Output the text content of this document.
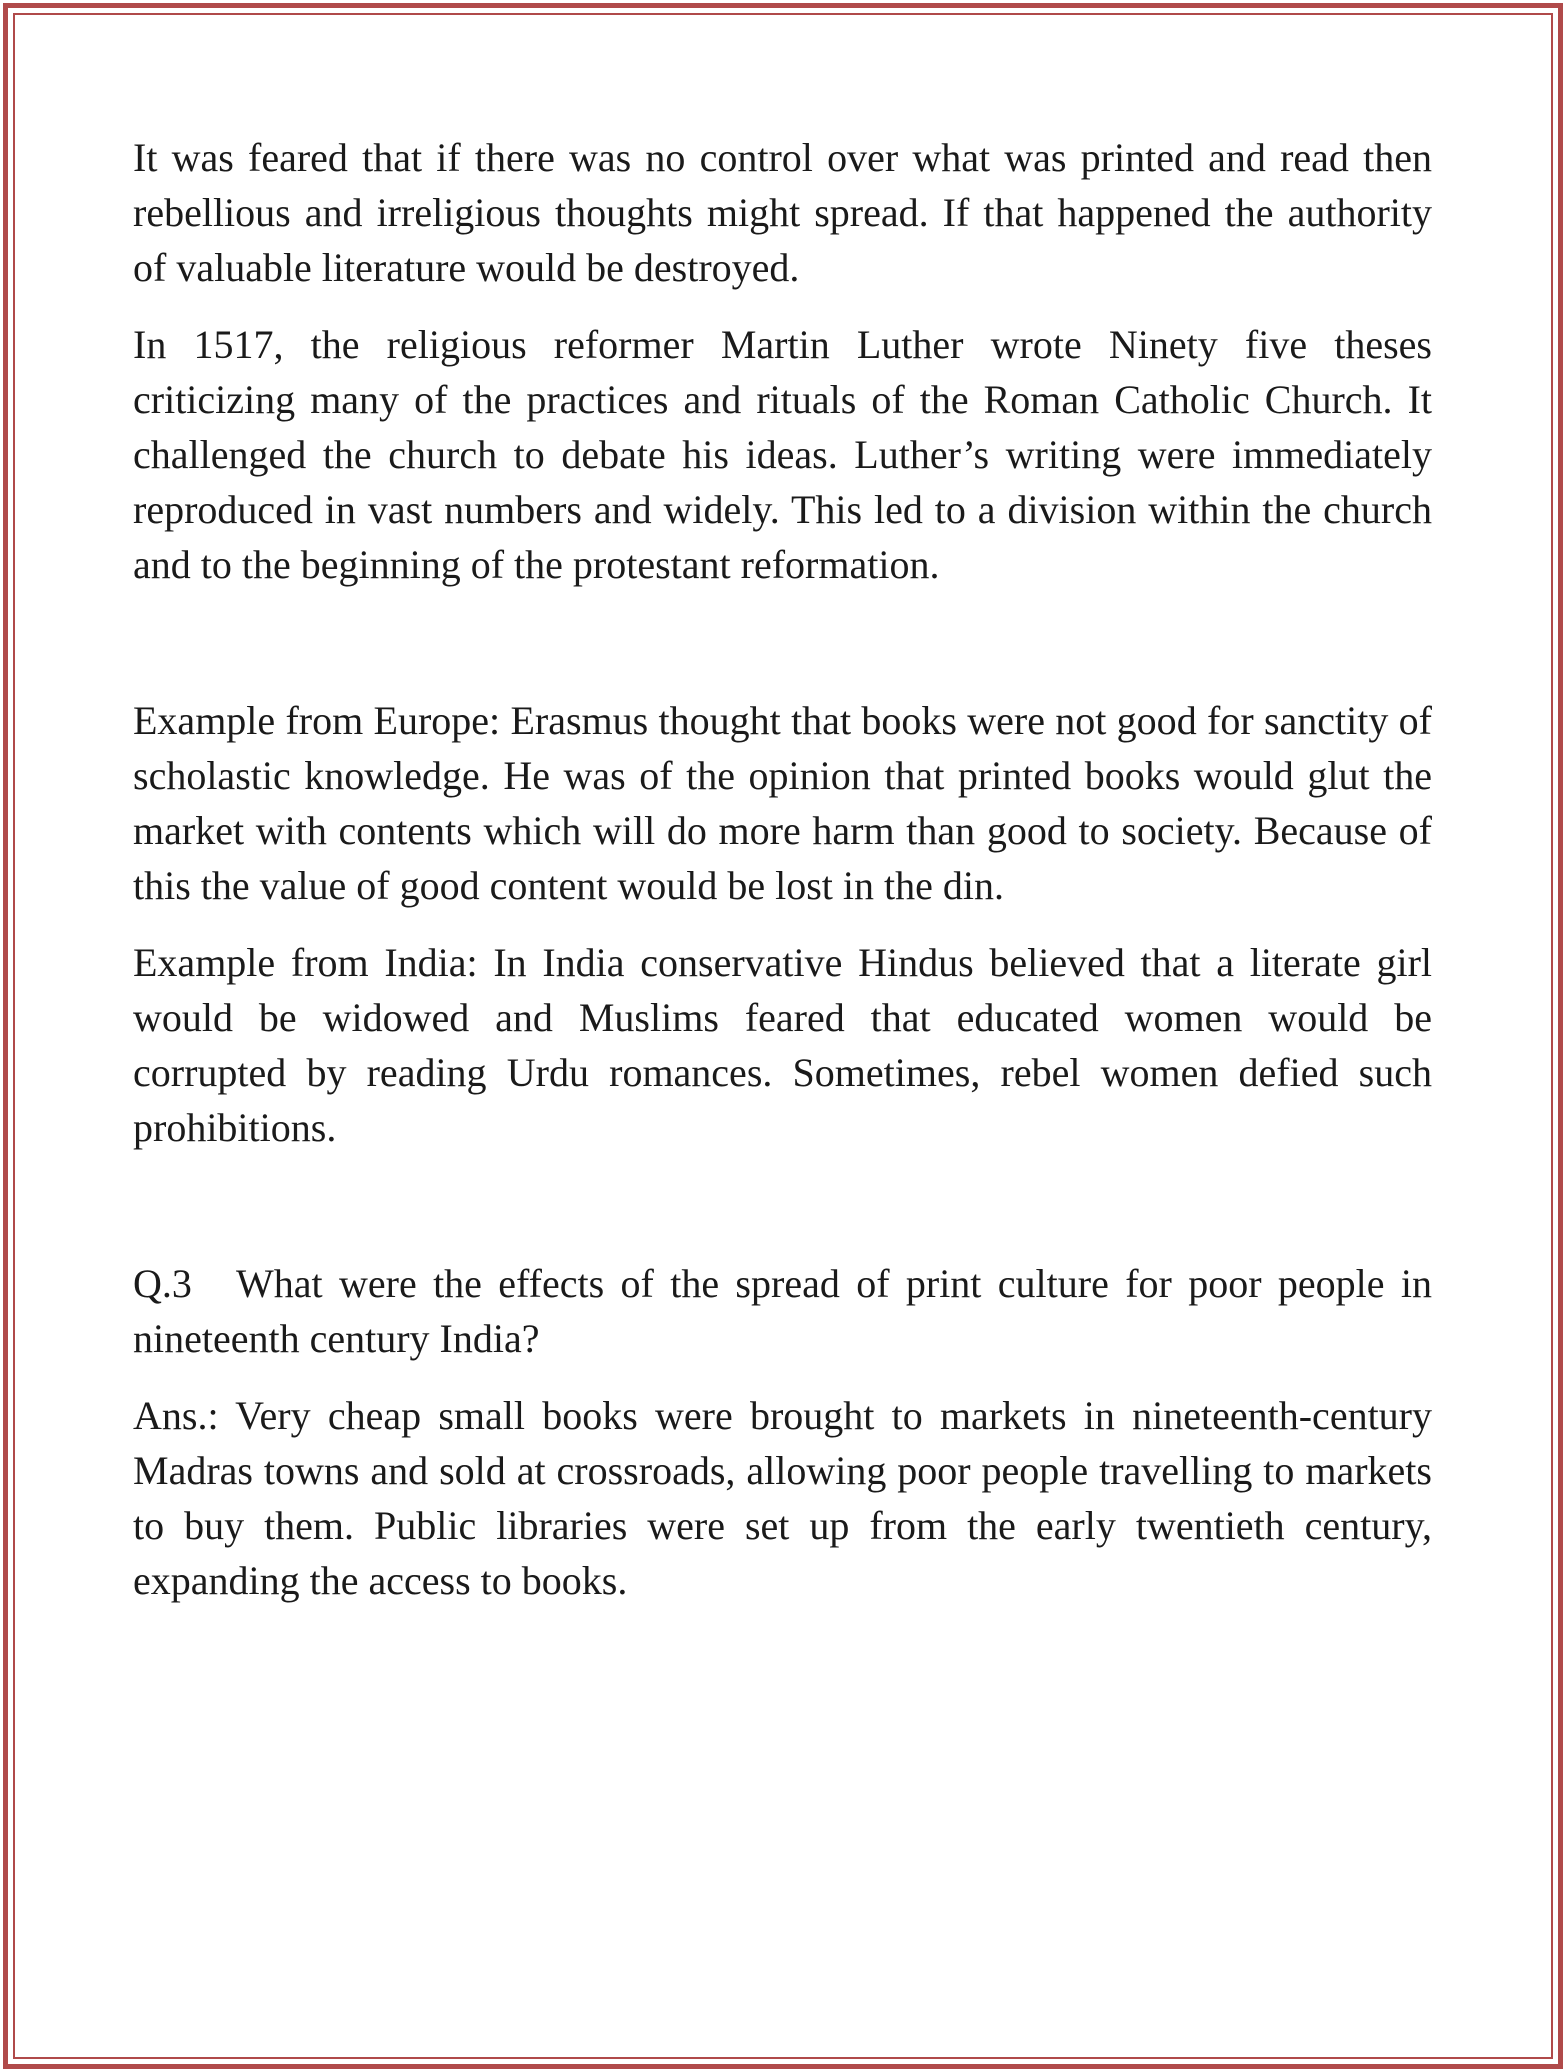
It was feared that if there was no control over what was printed and read then rebellious and irreligious thoughts might spread. If that happened the authority of valuable literature would be destroyed.

In 1517, the religious reformer Martin Luther wrote Ninety five theses criticizing many of the practices and rituals of the Roman Catholic Church. It challenged the church to debate his ideas. Luther’s writing were immediately reproduced in vast numbers and widely. This led to a division within the church and to the beginning of the protestant reformation.

Example from Europe: Erasmus thought that books were not good for sanctity of scholastic knowledge. He was of the opinion that printed books would glut the market with contents which will do more harm than good to society. Because of this the value of good content would be lost in the din.

Example from India: In India conservative Hindus believed that a literate girl would be widowed and Muslims feared that educated women would be corrupted by reading Urdu romances. Sometimes, rebel women defied such prohibitions.

Q.3 What were the effects of the spread of print culture for poor people in nineteenth century India?

Ans.: Very cheap small books were brought to markets in nineteenth-century Madras towns and sold at crossroads, allowing poor people travelling to markets to buy them. Public libraries were set up from the early twentieth century, expanding the access to books.
